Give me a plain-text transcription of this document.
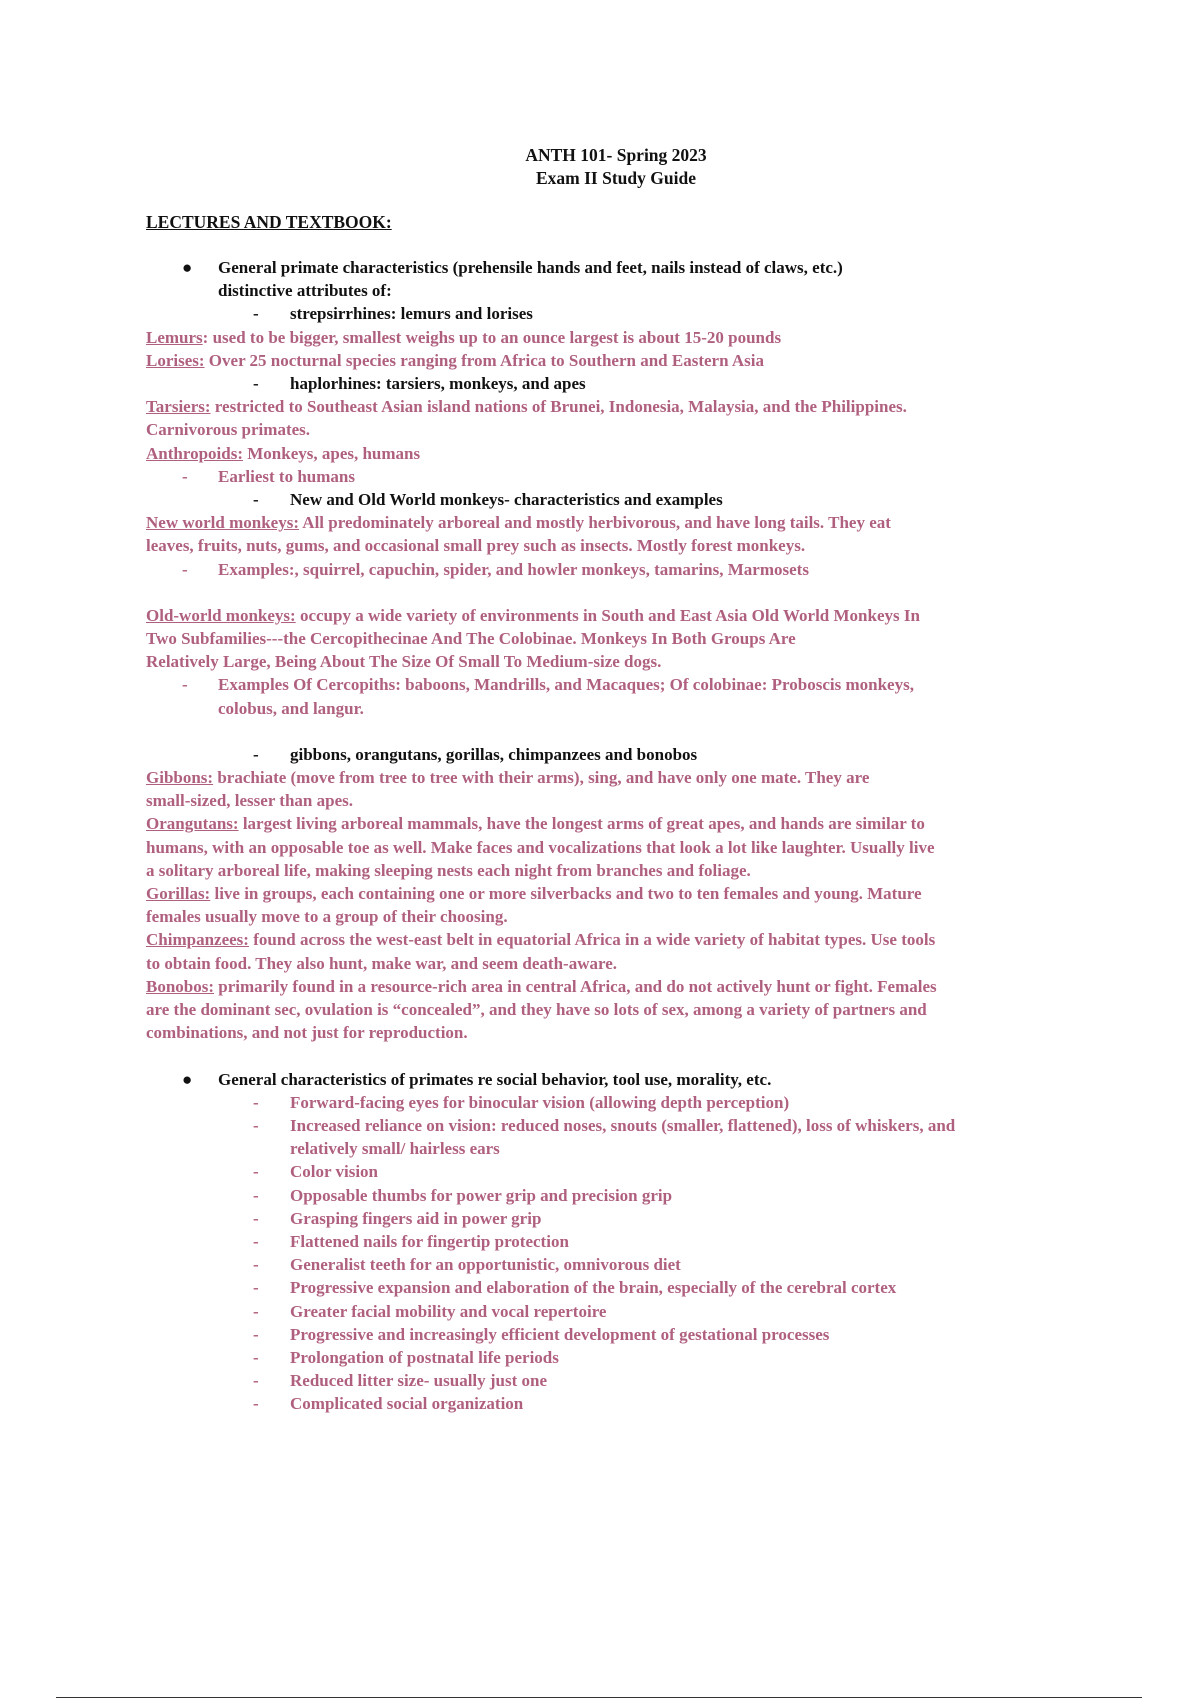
ANTH 101- Spring 2023
Exam II Study Guide
LECTURES AND TEXTBOOK:
● General primate characteristics (prehensile hands and feet, nails instead of claws, etc.)
distinctive attributes of:
- strepsirrhines: lemurs and lorises
Lemurs: used to be bigger, smallest weighs up to an ounce largest is about 15-20 pounds
Lorises: Over 25 nocturnal species ranging from Africa to Southern and Eastern Asia
- haplorhines: tarsiers, monkeys, and apes
Tarsiers: restricted to Southeast Asian island nations of Brunei, Indonesia, Malaysia, and the Philippines.
Carnivorous primates.
Anthropoids: Monkeys, apes, humans
- Earliest to humans
- New and Old World monkeys- characteristics and examples
New world monkeys: All predominately arboreal and mostly herbivorous, and have long tails. They eat
leaves, fruits, nuts, gums, and occasional small prey such as insects. Mostly forest monkeys.
- Examples:, squirrel, capuchin, spider, and howler monkeys, tamarins, Marmosets
Old-world monkeys: occupy a wide variety of environments in South and East Asia Old World Monkeys In
Two Subfamilies---the Cercopithecinae And The Colobinae. Monkeys In Both Groups Are
Relatively Large, Being About The Size Of Small To Medium-size dogs.
- Examples Of Cercopiths: baboons, Mandrills, and Macaques; Of colobinae: Proboscis monkeys,
colobus, and langur.
- gibbons, orangutans, gorillas, chimpanzees and bonobos
Gibbons: brachiate (move from tree to tree with their arms), sing, and have only one mate. They are
small-sized, lesser than apes.
Orangutans: largest living arboreal mammals, have the longest arms of great apes, and hands are similar to
humans, with an opposable toe as well. Make faces and vocalizations that look a lot like laughter. Usually live
a solitary arboreal life, making sleeping nests each night from branches and foliage.
Gorillas: live in groups, each containing one or more silverbacks and two to ten females and young. Mature
females usually move to a group of their choosing.
Chimpanzees: found across the west-east belt in equatorial Africa in a wide variety of habitat types. Use tools
to obtain food. They also hunt, make war, and seem death-aware.
Bonobos: primarily found in a resource-rich area in central Africa, and do not actively hunt or fight. Females
are the dominant sec, ovulation is “concealed”, and they have so lots of sex, among a variety of partners and
combinations, and not just for reproduction.
● General characteristics of primates re social behavior, tool use, morality, etc.
- Forward-facing eyes for binocular vision (allowing depth perception)
- Increased reliance on vision: reduced noses, snouts (smaller, flattened), loss of whiskers, and
relatively small/ hairless ears
- Color vision
- Opposable thumbs for power grip and precision grip
- Grasping fingers aid in power grip
- Flattened nails for fingertip protection
- Generalist teeth for an opportunistic, omnivorous diet
- Progressive expansion and elaboration of the brain, especially of the cerebral cortex
- Greater facial mobility and vocal repertoire
- Progressive and increasingly efficient development of gestational processes
- Prolongation of postnatal life periods
- Reduced litter size- usually just one
- Complicated social organization
